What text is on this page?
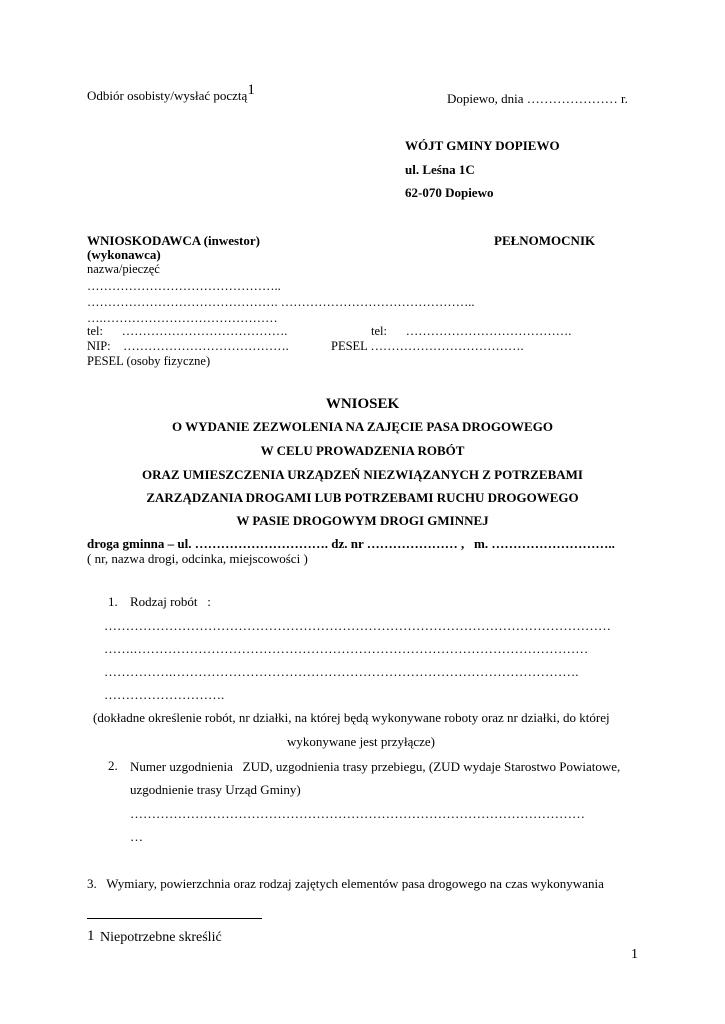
Odbiór osobisty/wysłać pocztą1
Dopiewo, dnia ………………… r.
WÓJT GMINY DOPIEWO
ul. Leśna 1C
62-070 Dopiewo
WNIOSKODAWCA (inwestor)	PEŁNOMOCNIK
(wykonawca)
nazwa/pieczęć
………………………………………..
………………………………………. ………………………………………..
….……………………………………
tel:      ………………………………….	tel:      ………………………………….
NIP:    ………………………………….	PESEL ……………………………….
PESEL (osoby fizyczne)
WNIOSEK
O WYDANIE ZEZWOLENIA NA ZAJĘCIE PASA DROGOWEGO
W CELU PROWADZENIA ROBÓT
ORAZ UMIESZCZENIA URZĄDZEŃ NIEZWIĄZANYCH Z POTRZEBAMI
ZARZĄDZANIA DROGAMI LUB POTRZEBAMI RUCHU DROGOWEGO
W PASIE DROGOWYM DROGI GMINNEJ
droga gminna – ul. …………………………. dz. nr ………………… ,   m. ………………………..
( nr, nazwa drogi, odcinka, miejscowości )
1. Rodzaj robót   :
………………………………………………………………………………………………………
…….……………………………………………………………………………………………
…………….………………………………………………………………………………….
……………………….
(dokładne określenie robót, nr działki, na której będą wykonywane roboty oraz nr działki, do której
wykonywane jest przyłącze)
2. Numer uzgodnienia   ZUD, uzgodnienia trasy przebiegu, (ZUD wydaje Starostwo Powiatowe,
uzgodnienie trasy Urząd Gminy)
……………………………………………………………………………………………
…
3.   Wymiary, powierzchnia oraz rodzaj zajętych elementów pasa drogowego na czas wykonywania
1 Niepotrzebne skreślić
1
